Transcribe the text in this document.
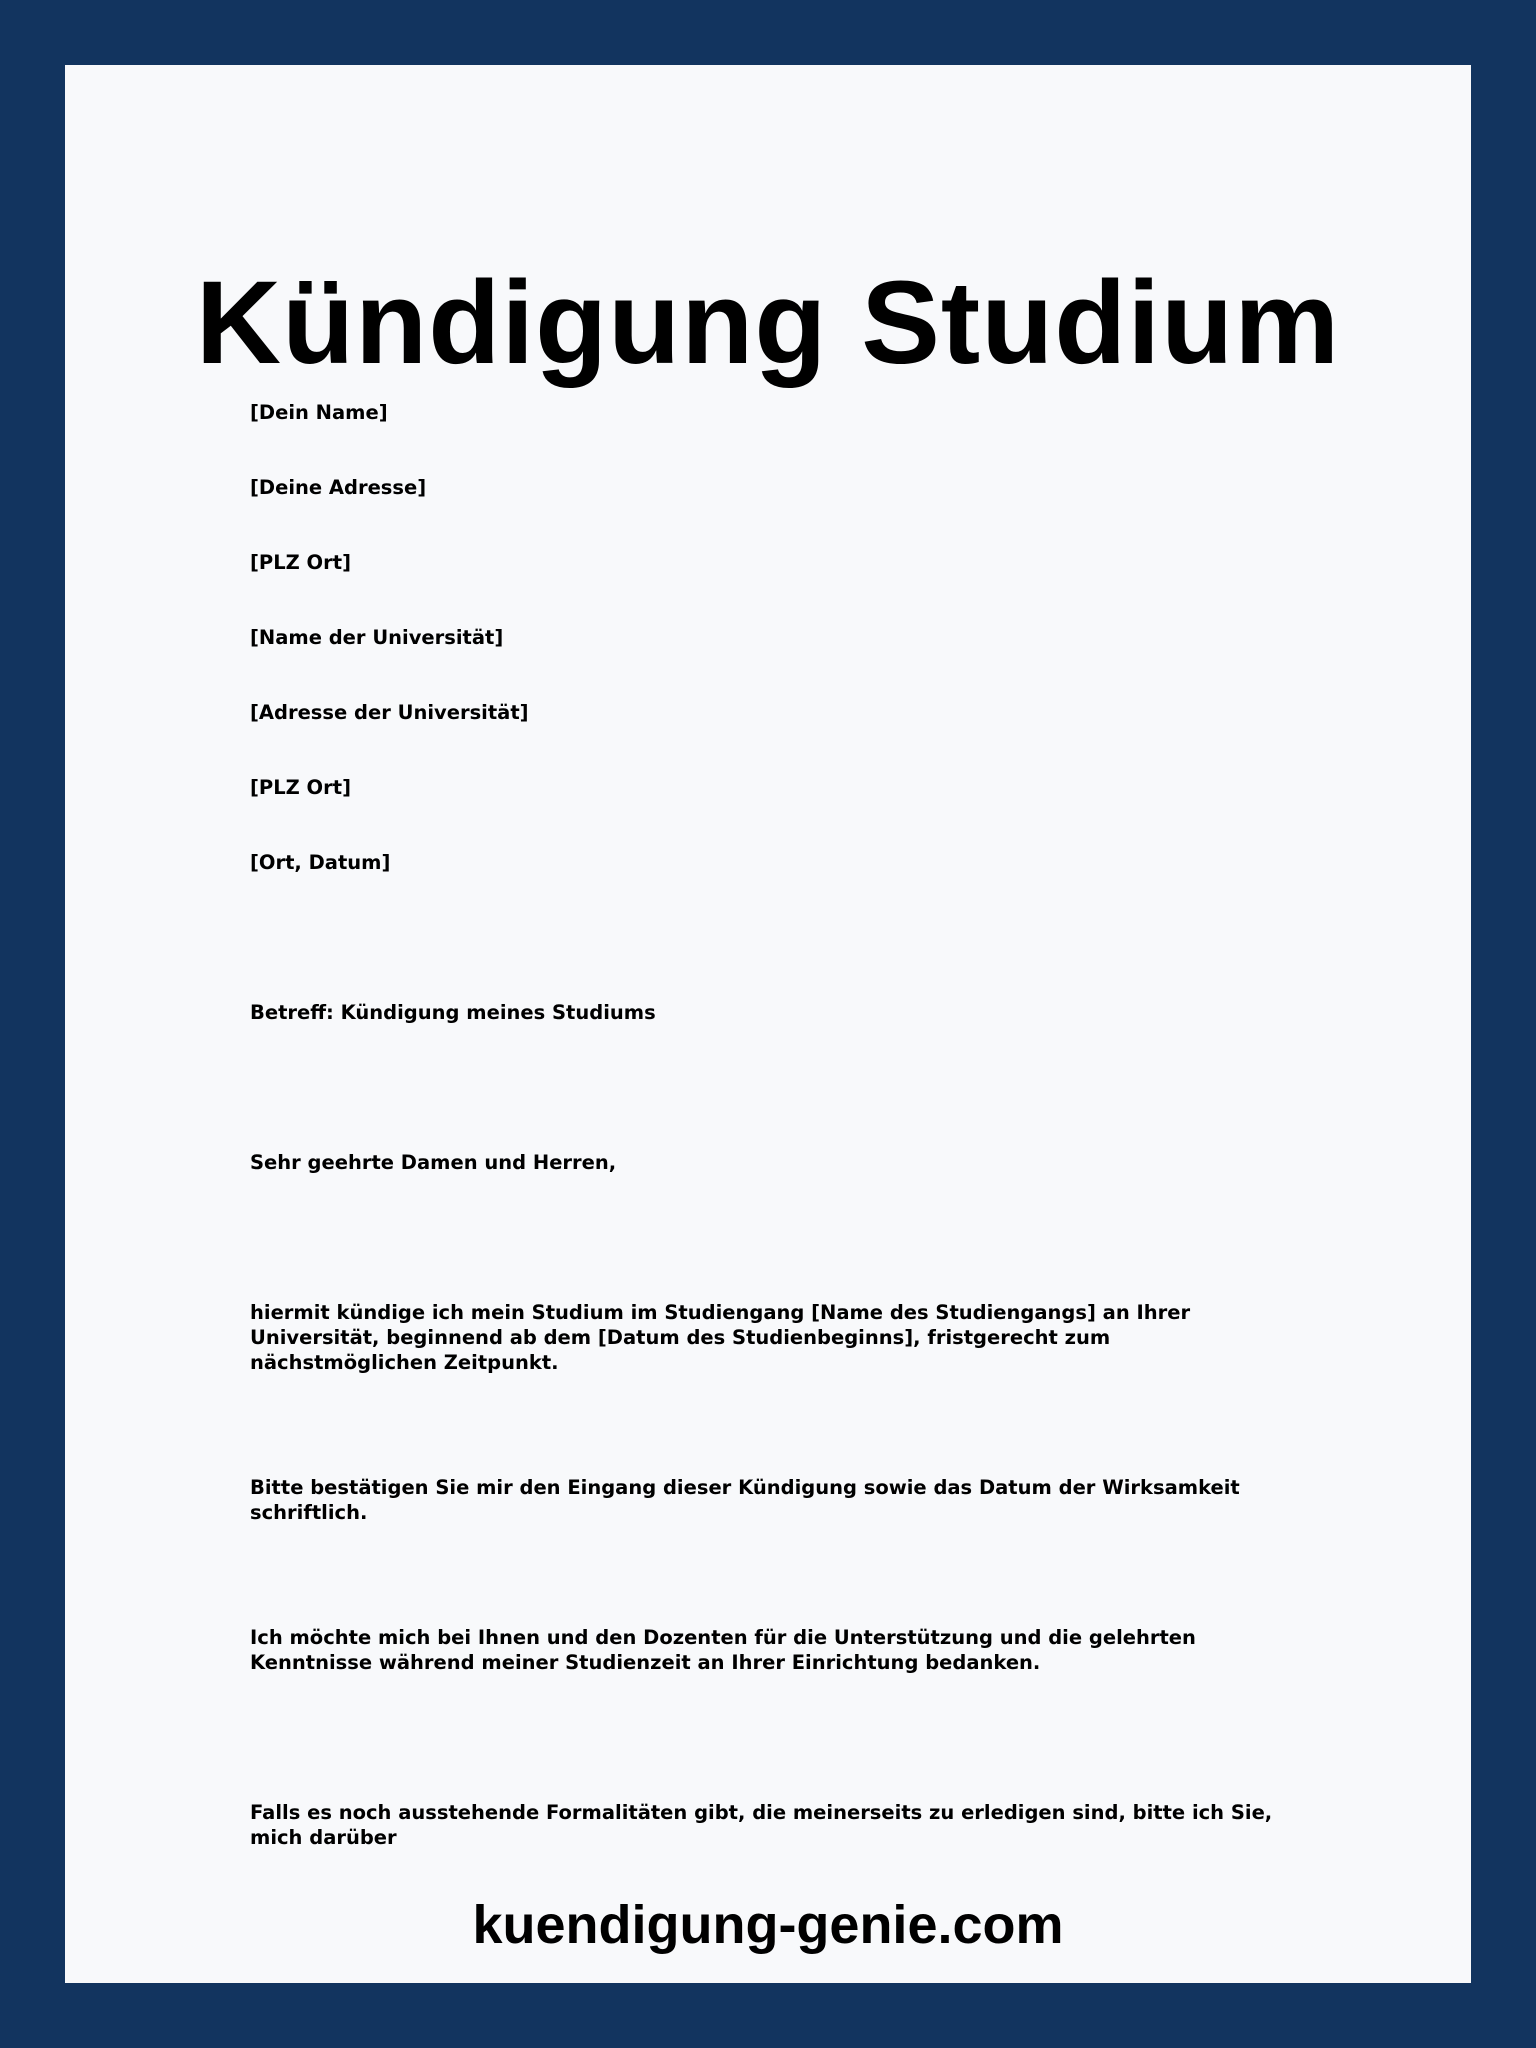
Kündigung Studium

[Dein Name]

[Deine Adresse]

[PLZ Ort]

[Name der Universität]

[Adresse der Universität]

[PLZ Ort]

[Ort, Datum]

Betreff: Kündigung meines Studiums

Sehr geehrte Damen und Herren,

hiermit kündige ich mein Studium im Studiengang [Name des Studiengangs] an Ihrer Universität, beginnend ab dem [Datum des Studienbeginns], fristgerecht zum nächstmöglichen Zeitpunkt.

Bitte bestätigen Sie mir den Eingang dieser Kündigung sowie das Datum der Wirksamkeit schriftlich.

Ich möchte mich bei Ihnen und den Dozenten für die Unterstützung und die gelehrten Kenntnisse während meiner Studienzeit an Ihrer Einrichtung bedanken.

Falls es noch ausstehende Formalitäten gibt, die meinerseits zu erledigen sind, bitte ich Sie, mich darüber

kuendigung-genie.com
